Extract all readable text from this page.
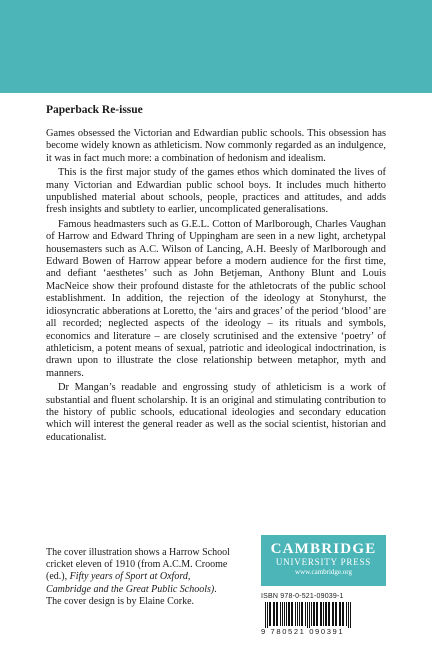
Paperback Re-issue

Games obsessed the Victorian and Edwardian public schools. This obsession has become widely known as athleticism. Now commonly regarded as an indulgence, it was in fact much more: a combination of hedonism and idealism.

This is the first major study of the games ethos which dominated the lives of many Victorian and Edwardian public school boys. It includes much hitherto unpublished material about schools, people, practices and attitudes, and adds fresh insights and subtlety to earlier, uncomplicated generalisations.

Famous headmasters such as G.E.L. Cotton of Marlborough, Charles Vaughan of Harrow and Edward Thring of Uppingham are seen in a new light, archetypal housemasters such as A.C. Wilson of Lancing, A.H. Beesly of Marlborough and Edward Bowen of Harrow appear before a modern audience for the first time, and defiant ‘aesthetes’ such as John Betjeman, Anthony Blunt and Louis MacNeice show their profound distaste for the athletocrats of the public school establishment. In addition, the rejection of the ideology at Stonyhurst, the idiosyncratic abberations at Loretto, the ‘airs and graces’ of the period ‘blood’ are all recorded; neglected aspects of the ideology – its rituals and symbols, economics and literature – are closely scrutinised and the extensive ‘poetry’ of athleticism, a potent means of sexual, patriotic and ideological indoctrination, is drawn upon to illustrate the close relationship between metaphor, myth and manners.

Dr Mangan’s readable and engrossing study of athleticism is a work of substantial and fluent scholarship. It is an original and stimulating contribution to the history of public schools, educational ideologies and secondary education which will interest the general reader as well as the social scientist, historian and educationalist.

The cover illustration shows a Harrow School cricket eleven of 1910 (from A.C.M. Croome (ed.), Fifty years of Sport at Oxford, Cambridge and the Great Public Schools). The cover design is by Elaine Corke.

CAMBRIDGE
UNIVERSITY PRESS
www.cambridge.org

ISBN 978-0-521-09039-1

9 780521 090391
